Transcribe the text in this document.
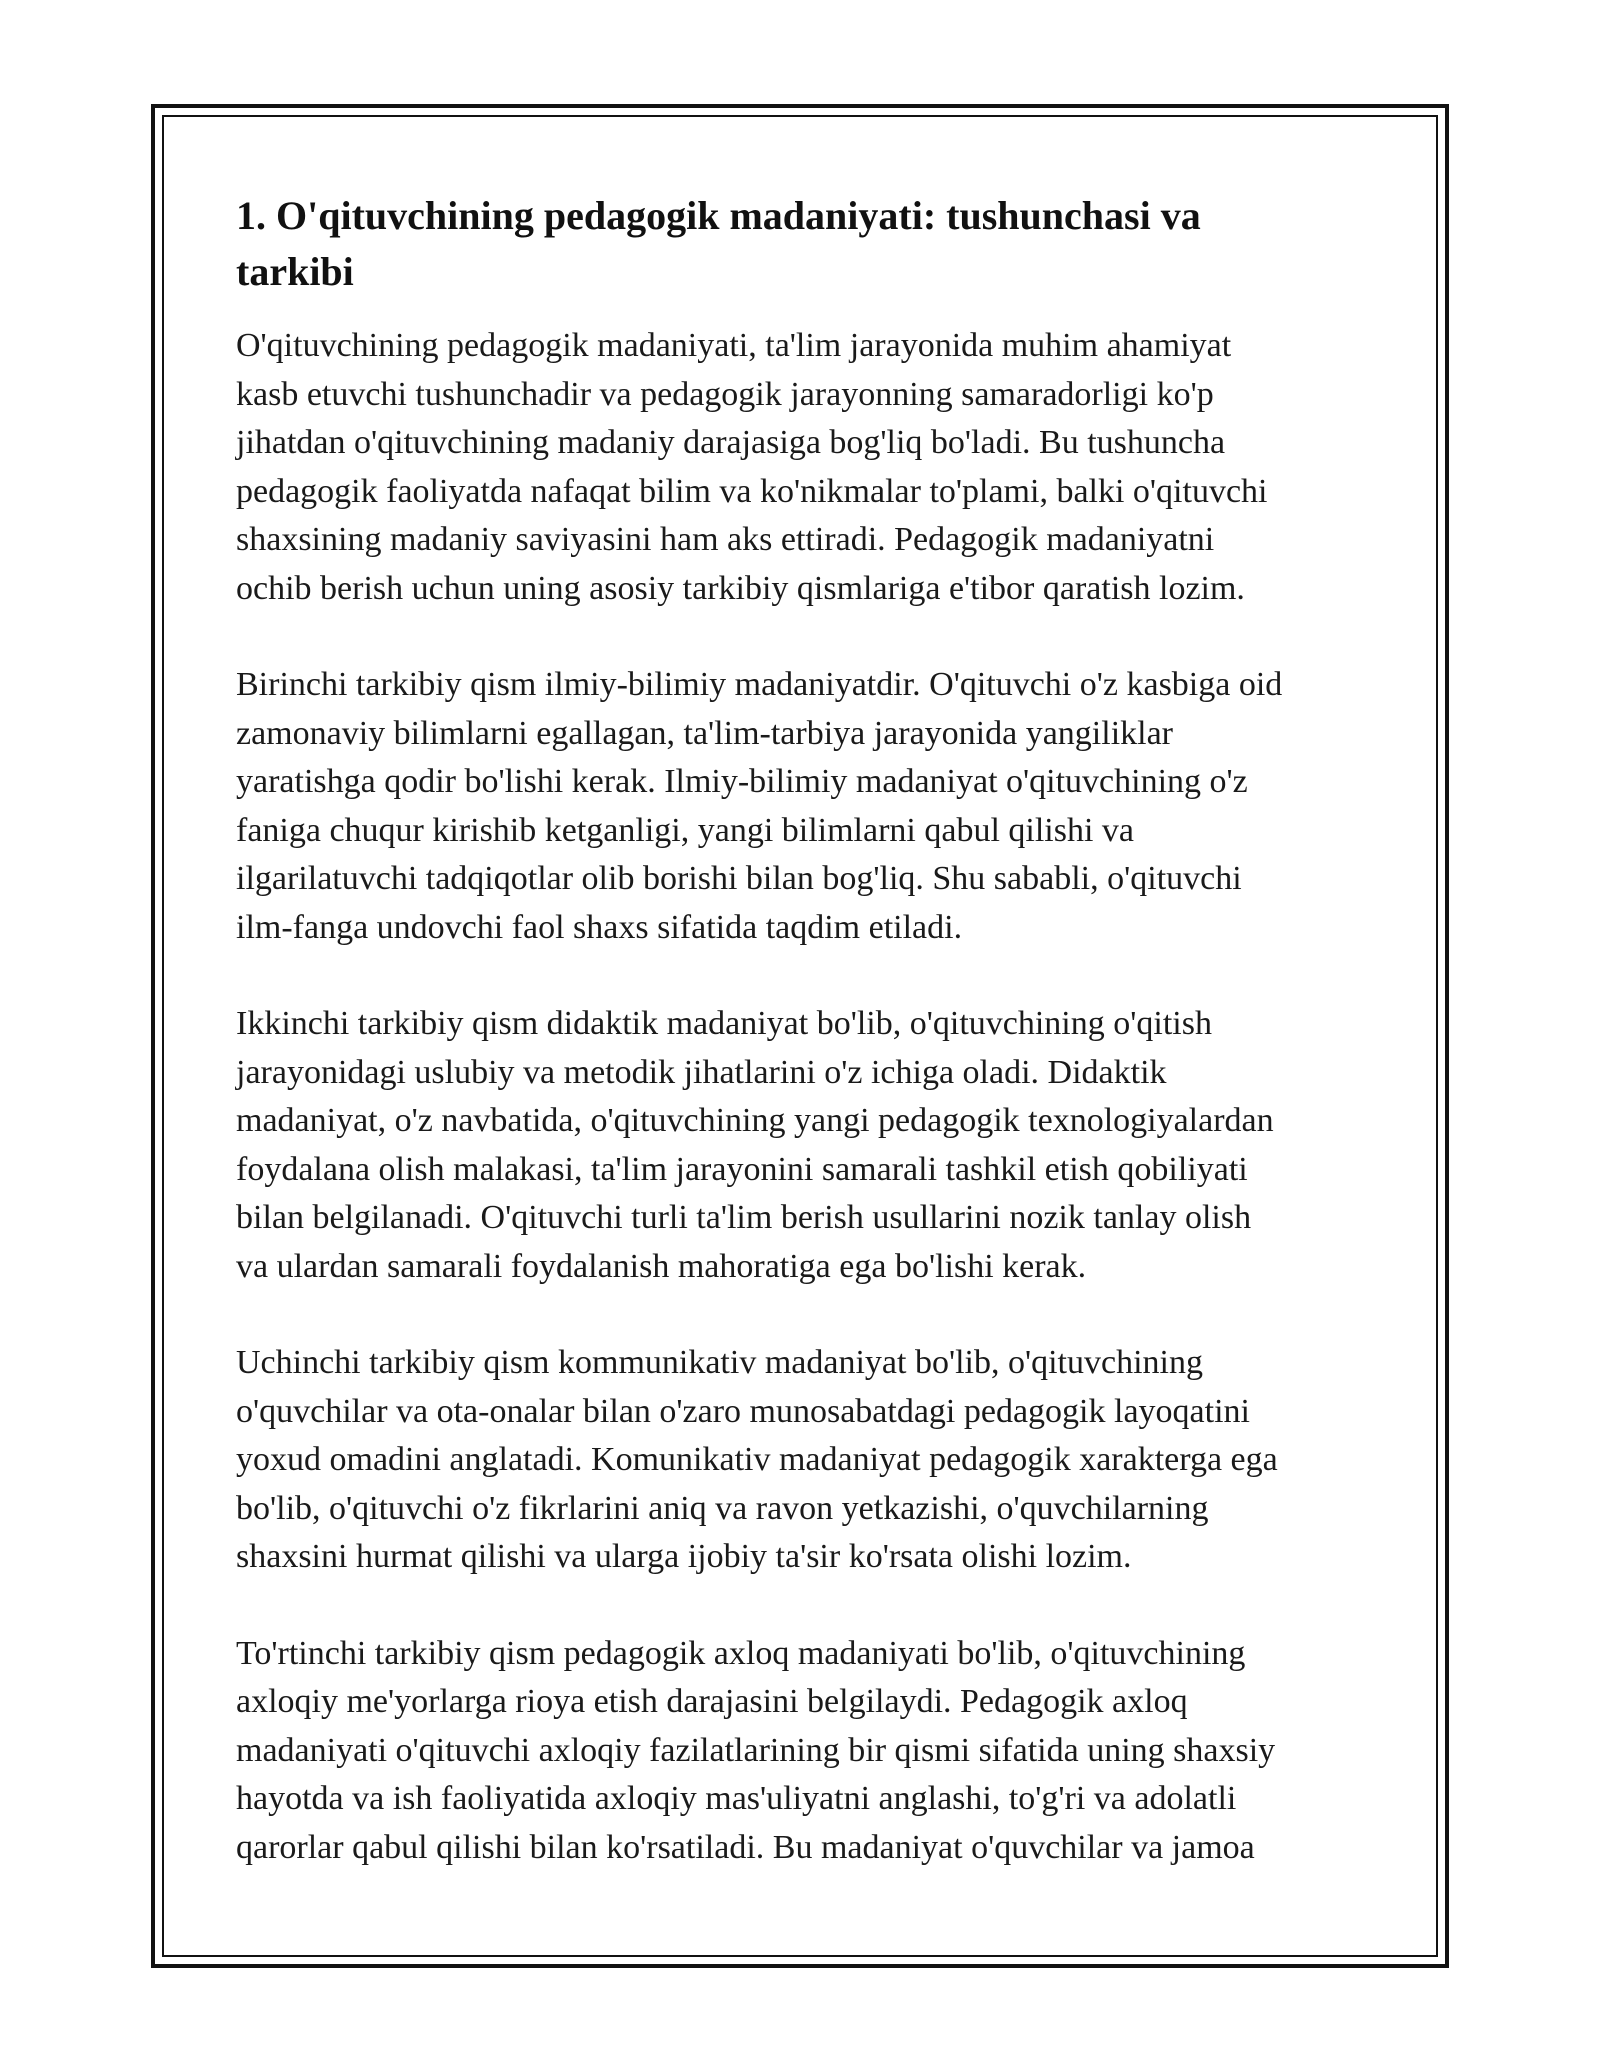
1. O'qituvchining pedagogik madaniyati: tushunchasi va
tarkibi

O'qituvchining pedagogik madaniyati, ta'lim jarayonida muhim ahamiyat
kasb etuvchi tushunchadir va pedagogik jarayonning samaradorligi ko'p
jihatdan o'qituvchining madaniy darajasiga bog'liq bo'ladi. Bu tushuncha
pedagogik faoliyatda nafaqat bilim va ko'nikmalar to'plami, balki o'qituvchi
shaxsining madaniy saviyasini ham aks ettiradi. Pedagogik madaniyatni
ochib berish uchun uning asosiy tarkibiy qismlariga e'tibor qaratish lozim.

Birinchi tarkibiy qism ilmiy-bilimiy madaniyatdir. O'qituvchi o'z kasbiga oid
zamonaviy bilimlarni egallagan, ta'lim-tarbiya jarayonida yangiliklar
yaratishga qodir bo'lishi kerak. Ilmiy-bilimiy madaniyat o'qituvchining o'z
faniga chuqur kirishib ketganligi, yangi bilimlarni qabul qilishi va
ilgarilatuvchi tadqiqotlar olib borishi bilan bog'liq. Shu sababli, o'qituvchi
ilm-fanga undovchi faol shaxs sifatida taqdim etiladi.

Ikkinchi tarkibiy qism didaktik madaniyat bo'lib, o'qituvchining o'qitish
jarayonidagi uslubiy va metodik jihatlarini o'z ichiga oladi. Didaktik
madaniyat, o'z navbatida, o'qituvchining yangi pedagogik texnologiyalardan
foydalana olish malakasi, ta'lim jarayonini samarali tashkil etish qobiliyati
bilan belgilanadi. O'qituvchi turli ta'lim berish usullarini nozik tanlay olish
va ulardan samarali foydalanish mahoratiga ega bo'lishi kerak.

Uchinchi tarkibiy qism kommunikativ madaniyat bo'lib, o'qituvchining
o'quvchilar va ota-onalar bilan o'zaro munosabatdagi pedagogik layoqatini
yoxud omadini anglatadi. Komunikativ madaniyat pedagogik xarakterga ega
bo'lib, o'qituvchi o'z fikrlarini aniq va ravon yetkazishi, o'quvchilarning
shaxsini hurmat qilishi va ularga ijobiy ta'sir ko'rsata olishi lozim.

To'rtinchi tarkibiy qism pedagogik axloq madaniyati bo'lib, o'qituvchining
axloqiy me'yorlarga rioya etish darajasini belgilaydi. Pedagogik axloq
madaniyati o'qituvchi axloqiy fazilatlarining bir qismi sifatida uning shaxsiy
hayotda va ish faoliyatida axloqiy mas'uliyatni anglashi, to'g'ri va adolatli
qarorlar qabul qilishi bilan ko'rsatiladi. Bu madaniyat o'quvchilar va jamoa
